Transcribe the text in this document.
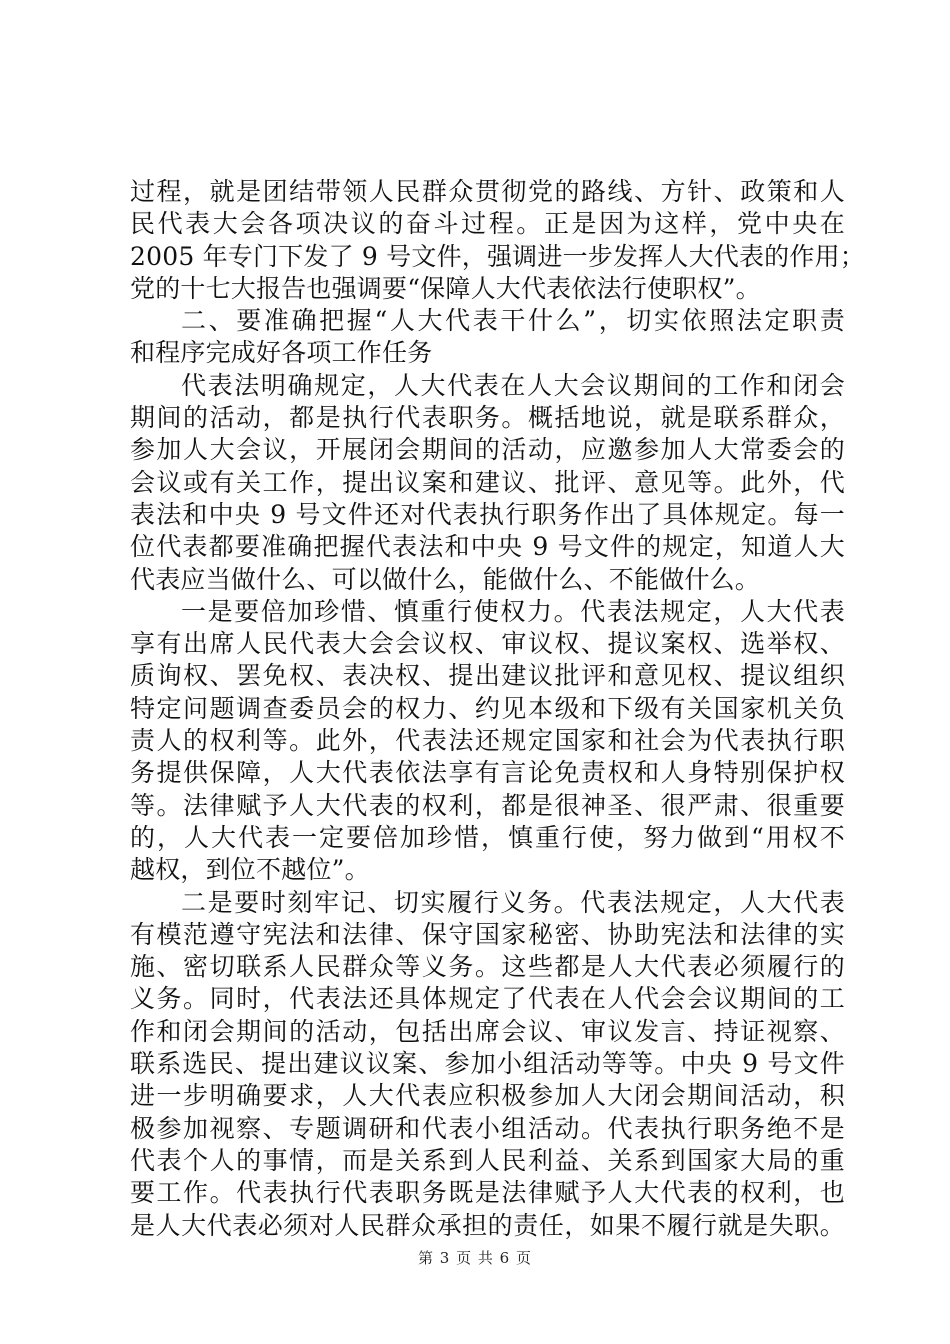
过程，就是团结带领人民群众贯彻党的路线、方针、政策和人
民代表大会各项决议的奋斗过程。正是因为这样，党中央在
2005 年专门下发了 9 号文件，强调进一步发挥人大代表的作用；
党的十七大报告也强调要“保障人大代表依法行使职权”。
二、要准确把握“人大代表干什么”，切实依照法定职责
和程序完成好各项工作任务
代表法明确规定，人大代表在人大会议期间的工作和闭会
期间的活动，都是执行代表职务。概括地说，就是联系群众，
参加人大会议，开展闭会期间的活动，应邀参加人大常委会的
会议或有关工作，提出议案和建议、批评、意见等。此外，代
表法和中央 9 号文件还对代表执行职务作出了具体规定。每一
位代表都要准确把握代表法和中央 9 号文件的规定，知道人大
代表应当做什么、可以做什么，能做什么、不能做什么。
一是要倍加珍惜、慎重行使权力。代表法规定，人大代表
享有出席人民代表大会会议权、审议权、提议案权、选举权、
质询权、罢免权、表决权、提出建议批评和意见权、提议组织
特定问题调查委员会的权力、约见本级和下级有关国家机关负
责人的权利等。此外，代表法还规定国家和社会为代表执行职
务提供保障，人大代表依法享有言论免责权和人身特别保护权
等。法律赋予人大代表的权利，都是很神圣、很严肃、很重要
的，人大代表一定要倍加珍惜，慎重行使，努力做到“用权不
越权，到位不越位”。
二是要时刻牢记、切实履行义务。代表法规定，人大代表
有模范遵守宪法和法律、保守国家秘密、协助宪法和法律的实
施、密切联系人民群众等义务。这些都是人大代表必须履行的
义务。同时，代表法还具体规定了代表在人代会会议期间的工
作和闭会期间的活动，包括出席会议、审议发言、持证视察、
联系选民、提出建议议案、参加小组活动等等。中央 9 号文件
进一步明确要求，人大代表应积极参加人大闭会期间活动，积
极参加视察、专题调研和代表小组活动。代表执行职务绝不是
代表个人的事情，而是关系到人民利益、关系到国家大局的重
要工作。代表执行代表职务既是法律赋予人大代表的权利，也
是人大代表必须对人民群众承担的责任，如果不履行就是失职。
第 3 页 共 6 页
